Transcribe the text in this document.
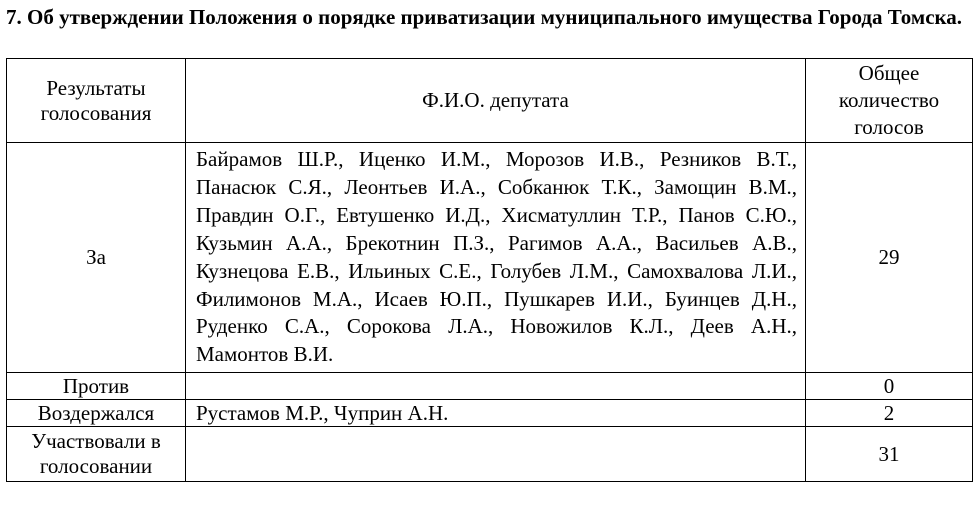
7. Об утверждении Положения о порядке приватизации муниципального имущества Города Томска.
Результаты голосования	Ф.И.О. депутата	Общее количество голосов

За	Байрамов Ш.Р., Иценко И.М., Морозов И.В., Резников В.Т., Панасюк С.Я., Леонтьев И.А., Собканюк Т.К., Замощин В.М., Правдин О.Г., Евтушенко И.Д., Хисматуллин Т.Р., Панов С.Ю., Кузьмин А.А., Брекотнин П.З., Рагимов А.А., Васильев А.В., Кузнецова Е.В., Ильиных С.Е., Голубев Л.М., Самохвалова Л.И., Филимонов М.А., Исаев Ю.П., Пушкарев И.И., Буинцев Д.Н., Руденко С.А., Сорокова Л.А., Новожилов К.Л., Деев А.Н., Мамонтов В.И.	29
Против		0
Воздержался	Рустамов М.Р., Чуприн А.Н.	2

Участвовали в голосовании		31
